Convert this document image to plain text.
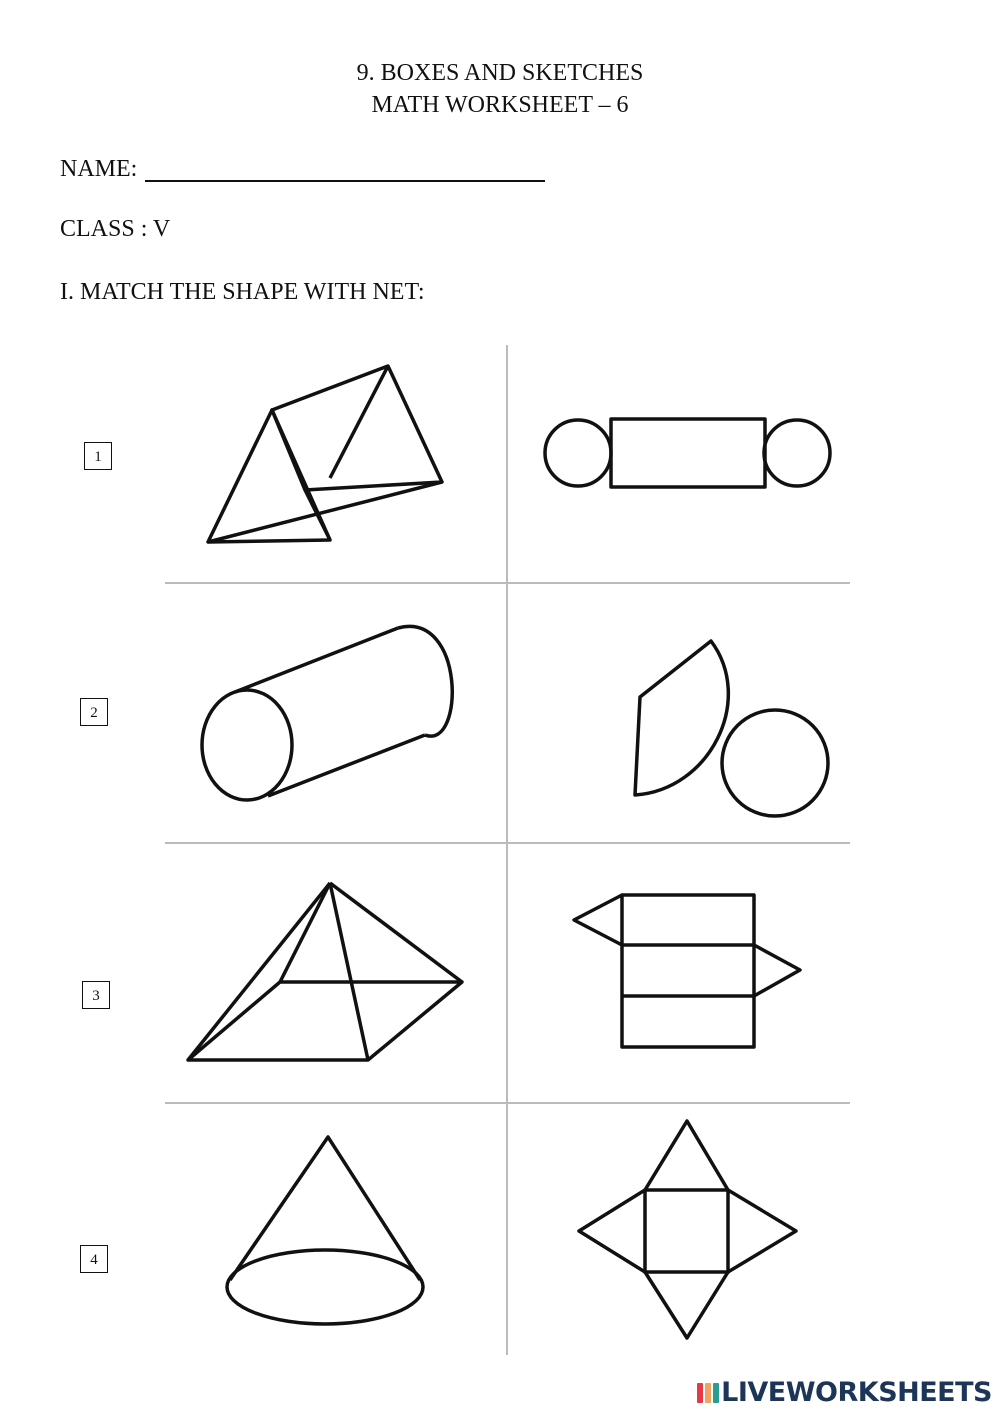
9. BOXES AND SKETCHES
MATH WORKSHEET – 6
NAME:
CLASS : V
I. MATCH THE SHAPE WITH NET:
1
2
3
4
LIVEWORKSHEETS
